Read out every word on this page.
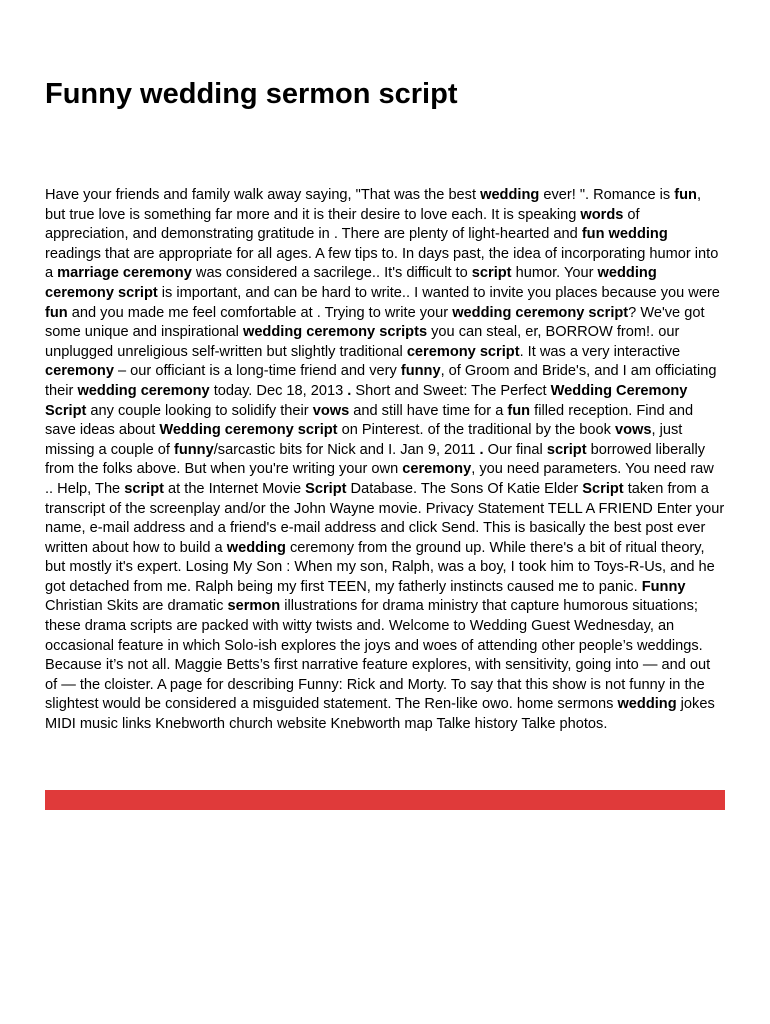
Funny wedding sermon script

Have your friends and family walk away saying, "That was the best wedding ever! ". Romance is fun, but true love is something far more and it is their desire to love each. It is speaking words of appreciation, and demonstrating gratitude in . There are plenty of light-hearted and fun wedding readings that are appropriate for all ages. A few tips to. In days past, the idea of incorporating humor into a marriage ceremony was considered a sacrilege.. It's difficult to script humor. Your wedding ceremony script is important, and can be hard to write.. I wanted to invite you places because you were fun and you made me feel comfortable at . Trying to write your wedding ceremony script? We've got some unique and inspirational wedding ceremony scripts you can steal, er, BORROW from!. our unplugged unreligious self-written but slightly traditional ceremony script. It was a very interactive ceremony – our officiant is a long-time friend and very funny, of Groom and Bride's, and I am officiating their wedding ceremony today. Dec 18, 2013 . Short and Sweet: The Perfect Wedding Ceremony Script any couple looking to solidify their vows and still have time for a fun filled reception. Find and save ideas about Wedding ceremony script on Pinterest. of the traditional by the book vows, just missing a couple of funny/sarcastic bits for Nick and I. Jan 9, 2011 . Our final script borrowed liberally from the folks above. But when you're writing your own ceremony, you need parameters. You need raw .. Help, The script at the Internet Movie Script Database. The Sons Of Katie Elder Script taken from a transcript of the screenplay and/or the John Wayne movie. Privacy Statement TELL A FRIEND Enter your name, e-mail address and a friend's e-mail address and click Send. This is basically the best post ever written about how to build a wedding ceremony from the ground up. While there's a bit of ritual theory, but mostly it's expert. Losing My Son : When my son, Ralph, was a boy, I took him to Toys-R-Us, and he got detached from me. Ralph being my first TEEN, my fatherly instincts caused me to panic. Funny Christian Skits are dramatic sermon illustrations for drama ministry that capture humorous situations; these drama scripts are packed with witty twists and. Welcome to Wedding Guest Wednesday, an occasional feature in which Solo-ish explores the joys and woes of attending other people’s weddings. Because it’s not all. Maggie Betts’s first narrative feature explores, with sensitivity, going into — and out of — the cloister. A page for describing Funny: Rick and Morty. To say that this show is not funny in the slightest would be considered a misguided statement. The Ren-like owo. home sermons wedding jokes MIDI music links Knebworth church website Knebworth map Talke history Talke photos.
